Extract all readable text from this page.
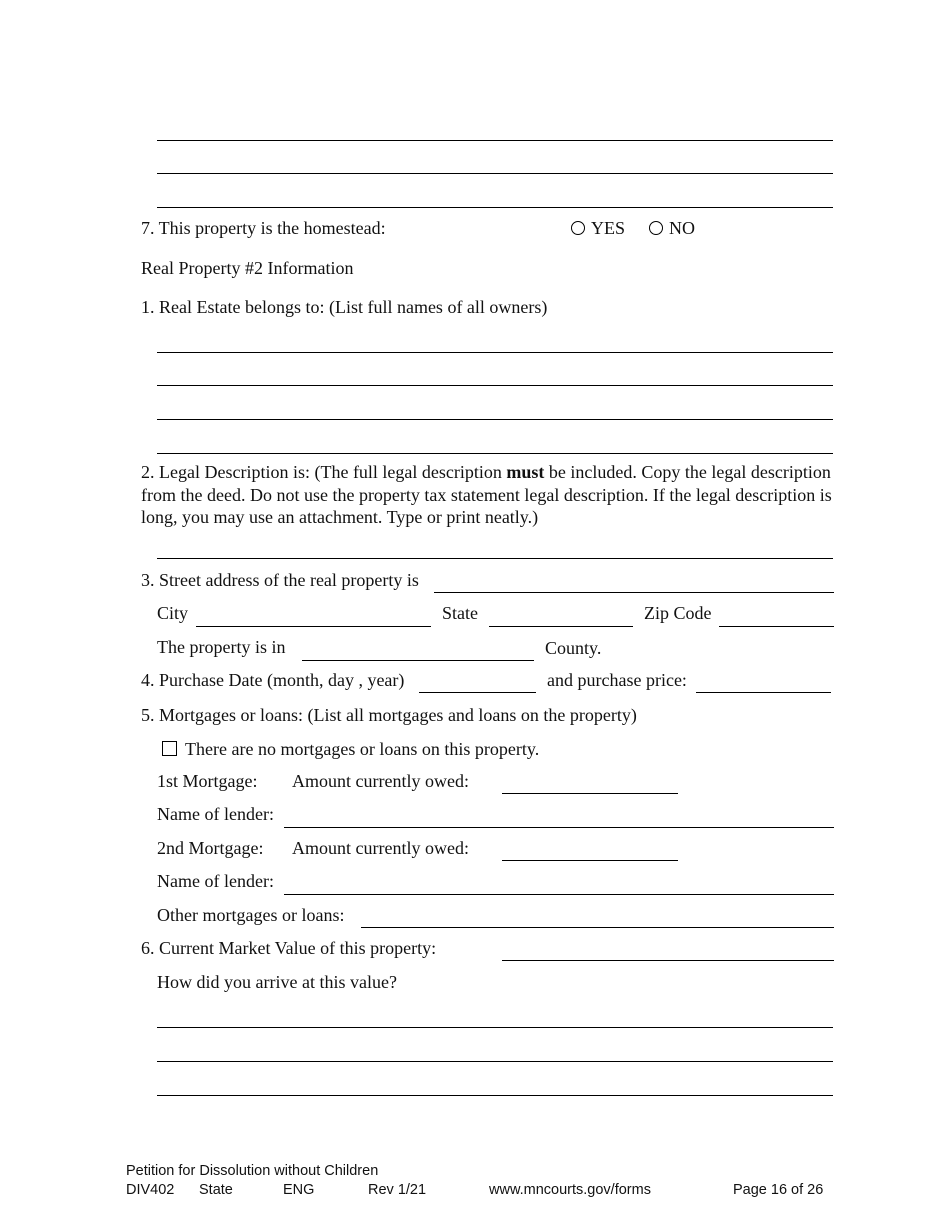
7. This property is the homestead:	YES	NO
Real Property #2 Information
1. Real Estate belongs to: (List full names of all owners)
2. Legal Description is: (The full legal description must be included. Copy the legal description from the deed. Do not use the property tax statement legal description. If the legal description is long, you may use an attachment. Type or print neatly.)
3. Street address of the real property is
City	State	Zip Code
The property is in	County.
4. Purchase Date (month, day , year)	and purchase price:
5. Mortgages or loans: (List all mortgages and loans on the property)
There are no mortgages or loans on this property.
1st Mortgage: Amount currently owed:
Name of lender:
2nd Mortgage: Amount currently owed:
Name of lender:
Other mortgages or loans:
6. Current Market Value of this property:
How did you arrive at this value?
Petition for Dissolution without Children
DIV402 State	ENG	Rev 1/21	www.mncourts.gov/forms	Page 16 of 26
